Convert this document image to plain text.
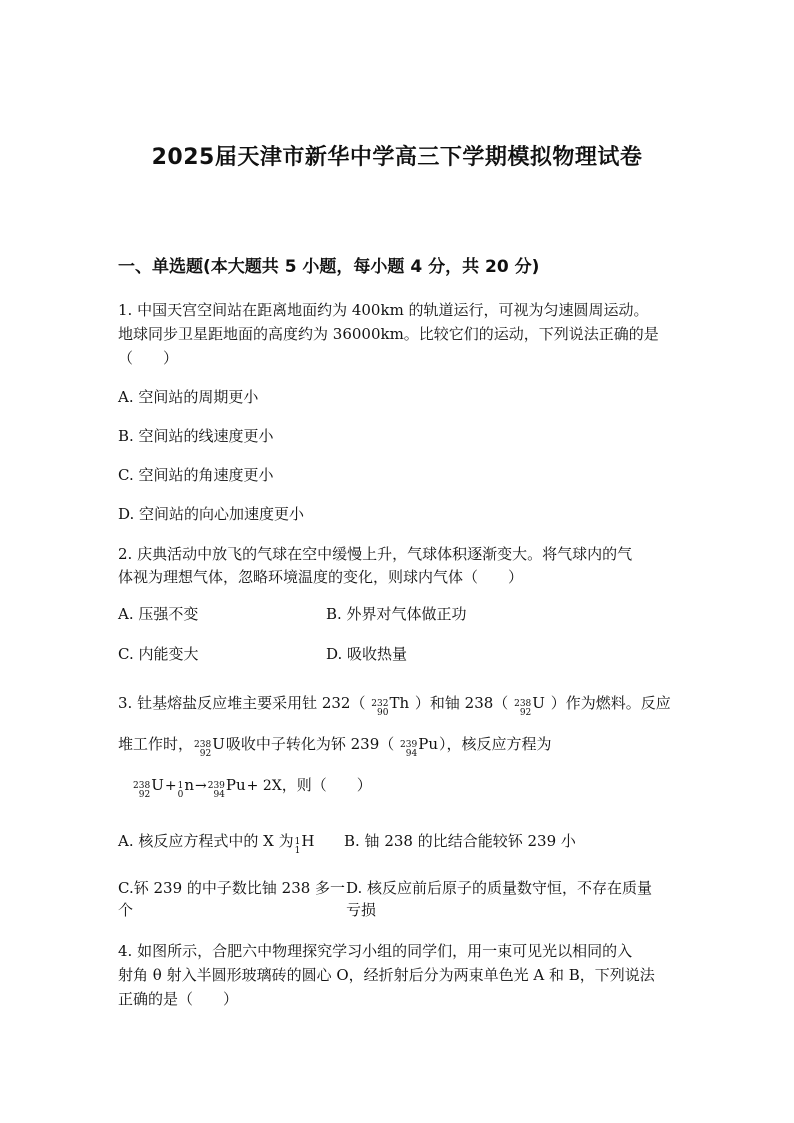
2025届天津市新华中学高三下学期模拟物理试卷
一、单选题(本大题共 5 小题，每小题 4 分，共 20 分)
1. 中国天宫空间站在距离地面约为 400km 的轨道运行，可视为匀速圆周运动。
地球同步卫星距地面的高度约为 36000km。比较它们的运动，下列说法正确的是
（　　）
A. 空间站的周期更小
B. 空间站的线速度更小
C. 空间站的角速度更小
D. 空间站的向心加速度更小
2. 庆典活动中放飞的气球在空中缓慢上升，气球体积逐渐变大。将气球内的气
体视为理想气体，忽略环境温度的变化，则球内气体（　　）
A. 压强不变	B. 外界对气体做正功
C. 内能变大	D. 吸收热量
3. 钍基熔盐反应堆主要采用钍 232（ 232
90
Th ）和铀 238（ 238
92
U ）作为燃料。反应
堆工作时， 238
92
U吸收中子转化为钚 239（ 239
94
Pu），核反应方程为
238
92
U+ 1
0
n→ 239
94
Pu+ 2X，则（　　）
A. 核反应方程式中的 X 为 1
1
H B. 铀 238 的比结合能较钚 239 小
C.钚 239 的中子数比铀 238 多一
个
D. 核反应前后原子的质量数守恒，不存在质量
亏损
4. 如图所示，合肥六中物理探究学习小组的同学们，用一束可见光以相同的入
射角 θ 射入半圆形玻璃砖的圆心 O，经折射后分为两束单色光 A 和 B，下列说法
正确的是（　　）
